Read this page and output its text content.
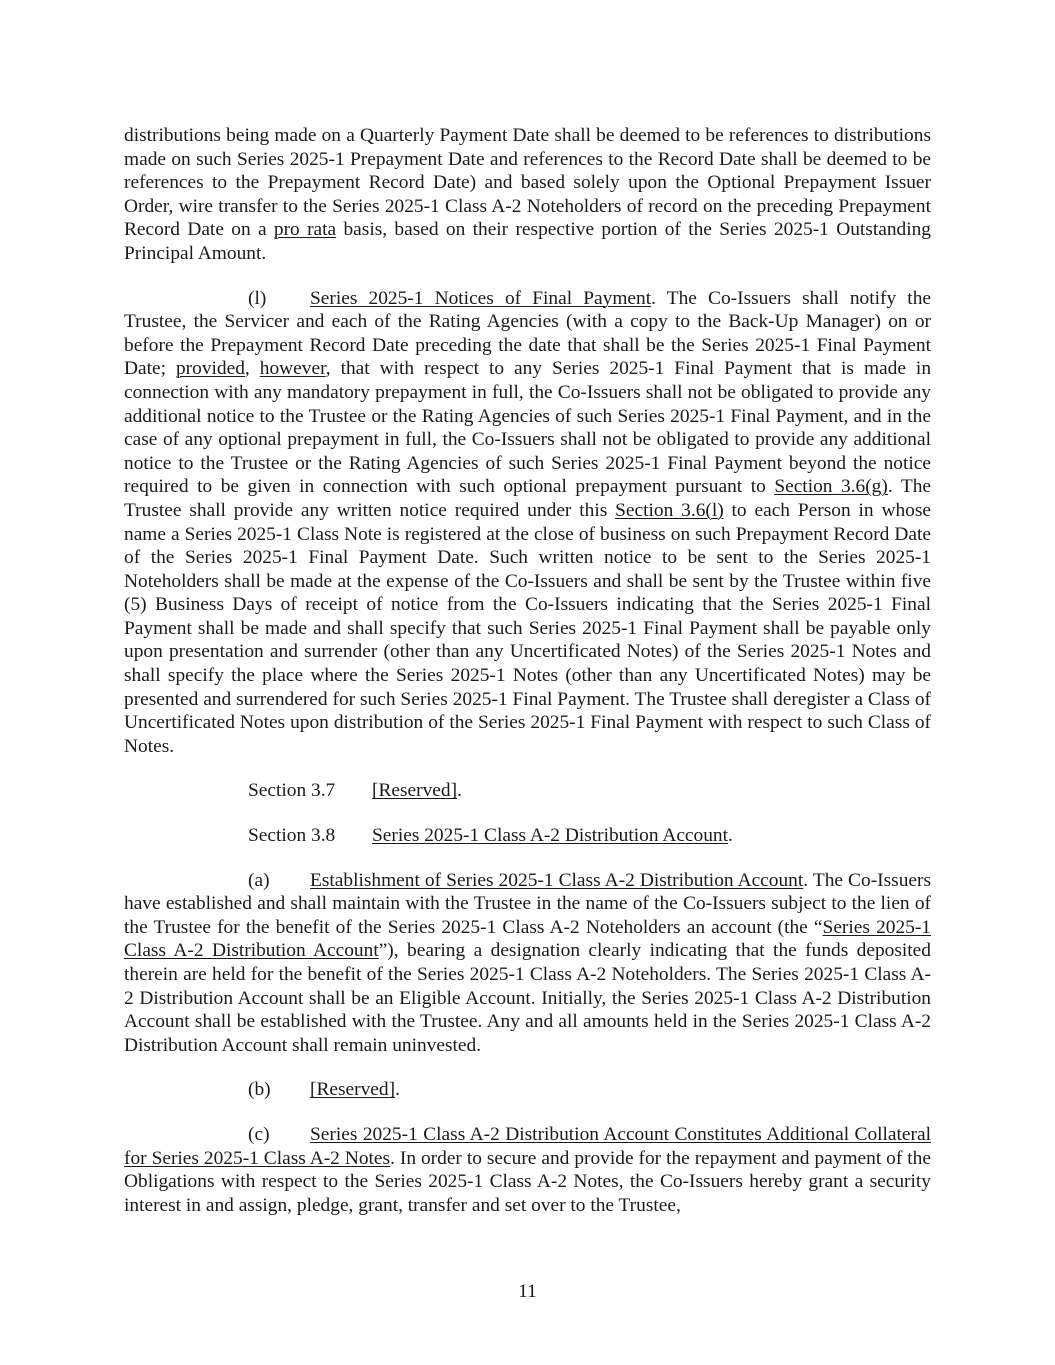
distributions being made on a Quarterly Payment Date shall be deemed to be references to distributions made on such Series 2025-1 Prepayment Date and references to the Record Date shall be deemed to be references to the Prepayment Record Date) and based solely upon the Optional Prepayment Issuer Order, wire transfer to the Series 2025-1 Class A-2 Noteholders of record on the preceding Prepayment Record Date on a pro rata basis, based on their respective portion of the Series 2025-1 Outstanding Principal Amount.

(l) Series 2025-1 Notices of Final Payment. The Co-Issuers shall notify the Trustee, the Servicer and each of the Rating Agencies (with a copy to the Back-Up Manager) on or before the Prepayment Record Date preceding the date that shall be the Series 2025-1 Final Payment Date; provided, however, that with respect to any Series 2025-1 Final Payment that is made in connection with any mandatory prepayment in full, the Co-Issuers shall not be obligated to provide any additional notice to the Trustee or the Rating Agencies of such Series 2025-1 Final Payment, and in the case of any optional prepayment in full, the Co-Issuers shall not be obligated to provide any additional notice to the Trustee or the Rating Agencies of such Series 2025-1 Final Payment beyond the notice required to be given in connection with such optional prepayment pursuant to Section 3.6(g). The Trustee shall provide any written notice required under this Section 3.6(l) to each Person in whose name a Series 2025-1 Class Note is registered at the close of business on such Prepayment Record Date of the Series 2025-1 Final Payment Date. Such written notice to be sent to the Series 2025-1 Noteholders shall be made at the expense of the Co-Issuers and shall be sent by the Trustee within five (5) Business Days of receipt of notice from the Co-Issuers indicating that the Series 2025-1 Final Payment shall be made and shall specify that such Series 2025-1 Final Payment shall be payable only upon presentation and surrender (other than any Uncertificated Notes) of the Series 2025-1 Notes and shall specify the place where the Series 2025-1 Notes (other than any Uncertificated Notes) may be presented and surrendered for such Series 2025-1 Final Payment. The Trustee shall deregister a Class of Uncertificated Notes upon distribution of the Series 2025-1 Final Payment with respect to such Class of Notes.

Section 3.7 [Reserved].
Section 3.8 Series 2025-1 Class A-2 Distribution Account.

(a) Establishment of Series 2025-1 Class A-2 Distribution Account. The Co-Issuers have established and shall maintain with the Trustee in the name of the Co-Issuers subject to the lien of the Trustee for the benefit of the Series 2025-1 Class A-2 Noteholders an account (the “Series 2025-1 Class A-2 Distribution Account”), bearing a designation clearly indicating that the funds deposited therein are held for the benefit of the Series 2025-1 Class A-2 Noteholders. The Series 2025-1 Class A-2 Distribution Account shall be an Eligible Account. Initially, the Series 2025-1 Class A-2 Distribution Account shall be established with the Trustee. Any and all amounts held in the Series 2025-1 Class A-2 Distribution Account shall remain uninvested.

(b) [Reserved].

(c) Series 2025-1 Class A-2 Distribution Account Constitutes Additional Collateral for Series 2025-1 Class A-2 Notes. In order to secure and provide for the repayment and payment of the Obligations with respect to the Series 2025-1 Class A-2 Notes, the Co-Issuers hereby grant a security interest in and assign, pledge, grant, transfer and set over to the Trustee,

11
